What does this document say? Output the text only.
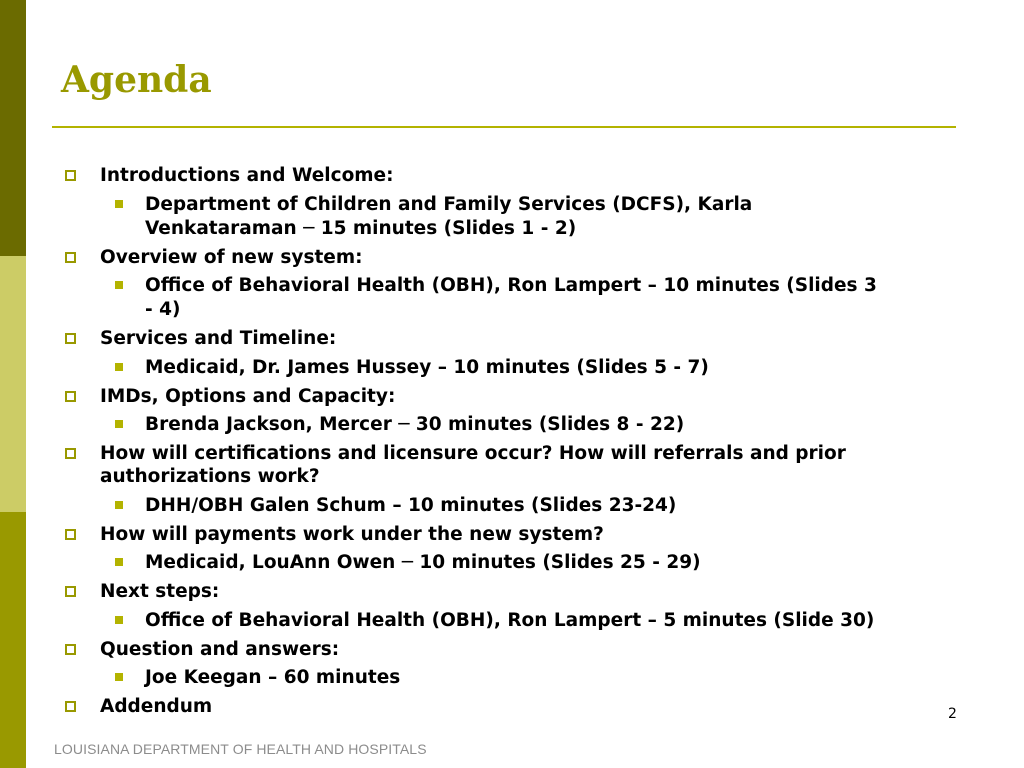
Agenda
Introductions and Welcome:
Department of Children and Family Services (DCFS), Karla
Venkataraman ─ 15 minutes (Slides 1 - 2)
Overview of new system:
Office of Behavioral Health (OBH), Ron Lampert – 10 minutes (Slides 3
- 4)
Services and Timeline:
Medicaid, Dr. James Hussey – 10 minutes (Slides 5 - 7)
IMDs, Options and Capacity:
Brenda Jackson, Mercer ─ 30 minutes (Slides 8 - 22)
How will certifications and licensure occur? How will referrals and prior
authorizations work?
DHH/OBH Galen Schum – 10 minutes (Slides 23-24)
How will payments work under the new system?
Medicaid, LouAnn Owen ─ 10 minutes (Slides 25 - 29)
Next steps:
Office of Behavioral Health (OBH), Ron Lampert – 5 minutes (Slide 30)
Question and answers:
Joe Keegan – 60 minutes
Addendum	2
LOUISIANA DEPARTMENT OF HEALTH AND HOSPITALS
